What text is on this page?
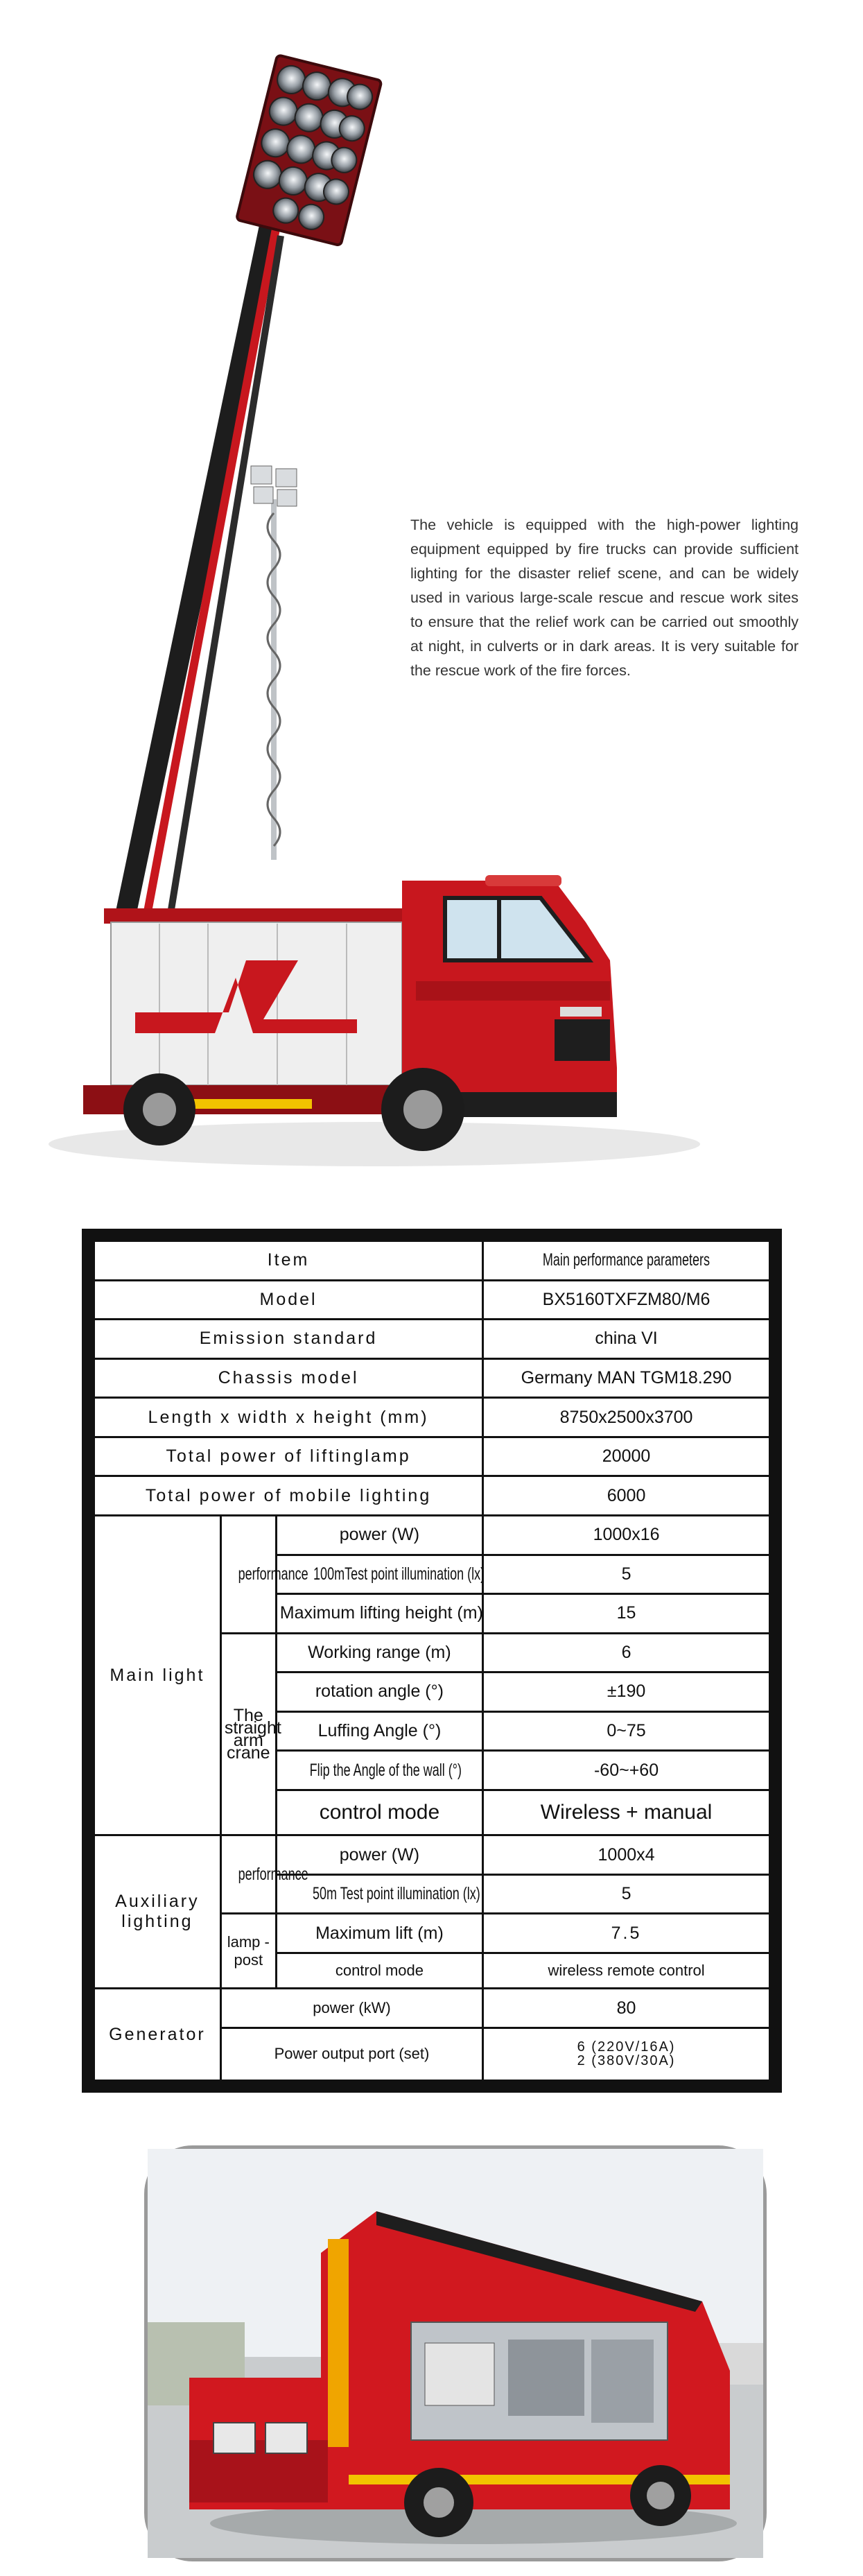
The vehicle is equipped with the high-power lighting equipment equipped by fire trucks can provide sufficient lighting for the disaster relief scene, and can be widely used in various large-scale rescue and rescue work sites to ensure that the relief work can be carried out smoothly at night, in culverts or in dark areas. It is very suitable for the rescue work of the fire forces.

Item			Main performance parameters
Model			BX5160TXFZM80/M6
Emission standard			china VI
Chassis model			Germany MAN TGM18.290
Length x width x height (mm)			8750x2500x3700
Total power of liftinglamp			20000
Total power of mobile lighting			6000
Main light	performance	power (W)	1000x16
		100mTest point illumination (lx)	5
		Maximum lifting height (m)	15
	The straight arm crane	Working range (m)	6
		rotation angle (°)	±190
		Luffing Angle (°)	0~75
		Flip the Angle of the wall (°)	-60~+60
		control mode	Wireless + manual
Auxiliary lighting	performance	power (W)	1000x4
		50m Test point illumination (lx)	5
	lamp - post	Maximum lift (m)	7.5
		control mode	wireless remote control
Generator	power (kW)		80
	Power output port (set)		6 (220V/16A)
2 (380V/30A)
